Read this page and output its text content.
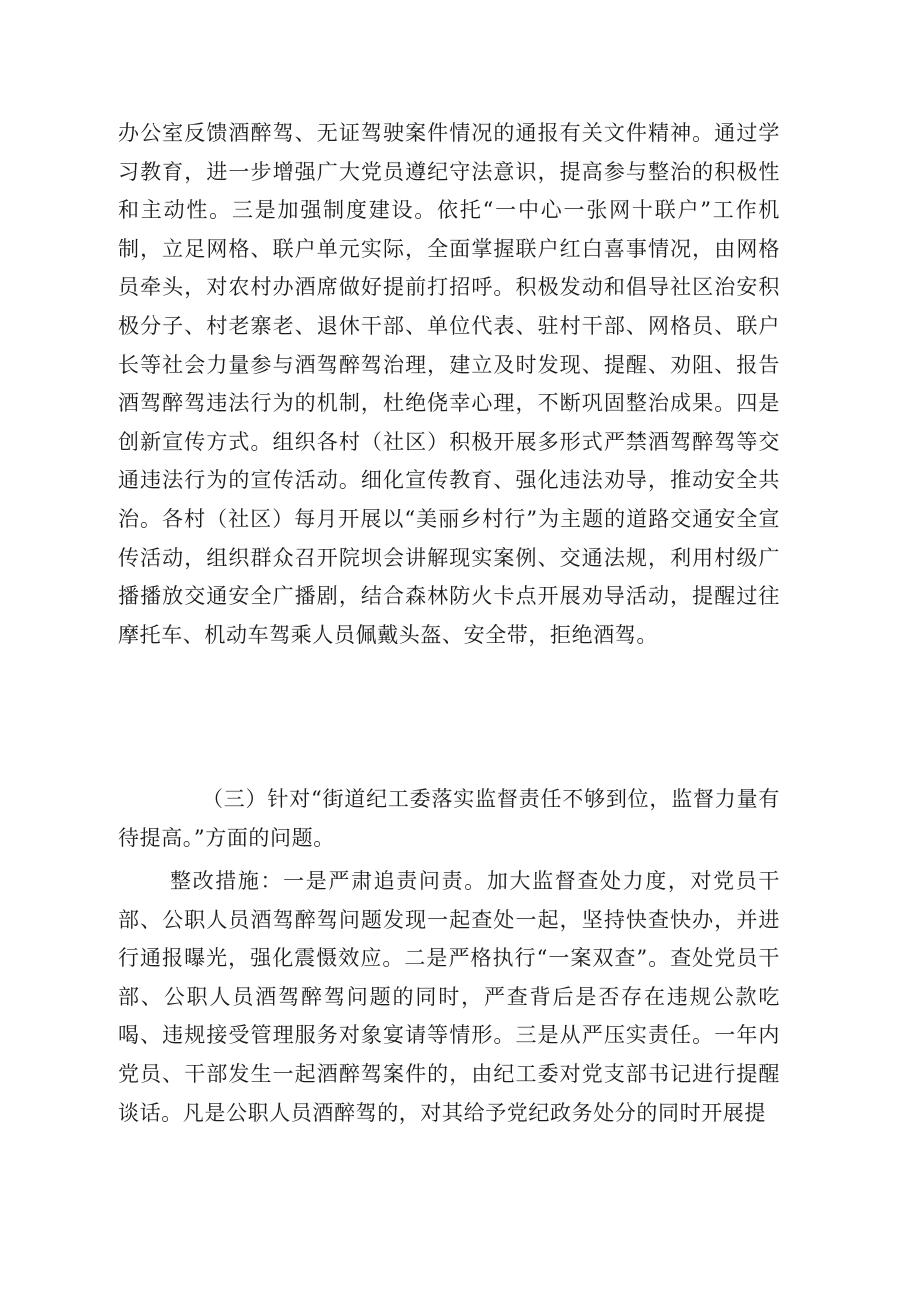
办公室反馈酒醉驾、无证驾驶案件情况的通报有关文件精神。通过学习教育，进一步增强广大党员遵纪守法意识，提高参与整治的积极性和主动性。三是加强制度建设。依托“一中心一张网十联户”工作机制，立足网格、联户单元实际，全面掌握联户红白喜事情况，由网格员牵头，对农村办酒席做好提前打招呼。积极发动和倡导社区治安积极分子、村老寨老、退休干部、单位代表、驻村干部、网格员、联户长等社会力量参与酒驾醉驾治理，建立及时发现、提醒、劝阻、报告酒驾醉驾违法行为的机制，杜绝侥幸心理，不断巩固整治成果。四是创新宣传方式。组织各村（社区）积极开展多形式严禁酒驾醉驾等交通违法行为的宣传活动。细化宣传教育、强化违法劝导，推动安全共治。各村（社区）每月开展以“美丽乡村行”为主题的道路交通安全宣传活动，组织群众召开院坝会讲解现实案例、交通法规，利用村级广播播放交通安全广播剧，结合森林防火卡点开展劝导活动，提醒过往摩托车、机动车驾乘人员佩戴头盔、安全带，拒绝酒驾。

（三）针对“街道纪工委落实监督责任不够到位，监督力量有待提高。”方面的问题。

整改措施：一是严肃追责问责。加大监督查处力度，对党员干部、公职人员酒驾醉驾问题发现一起查处一起，坚持快查快办，并进行通报曝光，强化震慑效应。二是严格执行“一案双查”。查处党员干部、公职人员酒驾醉驾问题的同时，严查背后是否存在违规公款吃喝、违规接受管理服务对象宴请等情形。三是从严压实责任。一年内党员、干部发生一起酒醉驾案件的，由纪工委对党支部书记进行提醒谈话。凡是公职人员酒醉驾的，对其给予党纪政务处分的同时开展提
